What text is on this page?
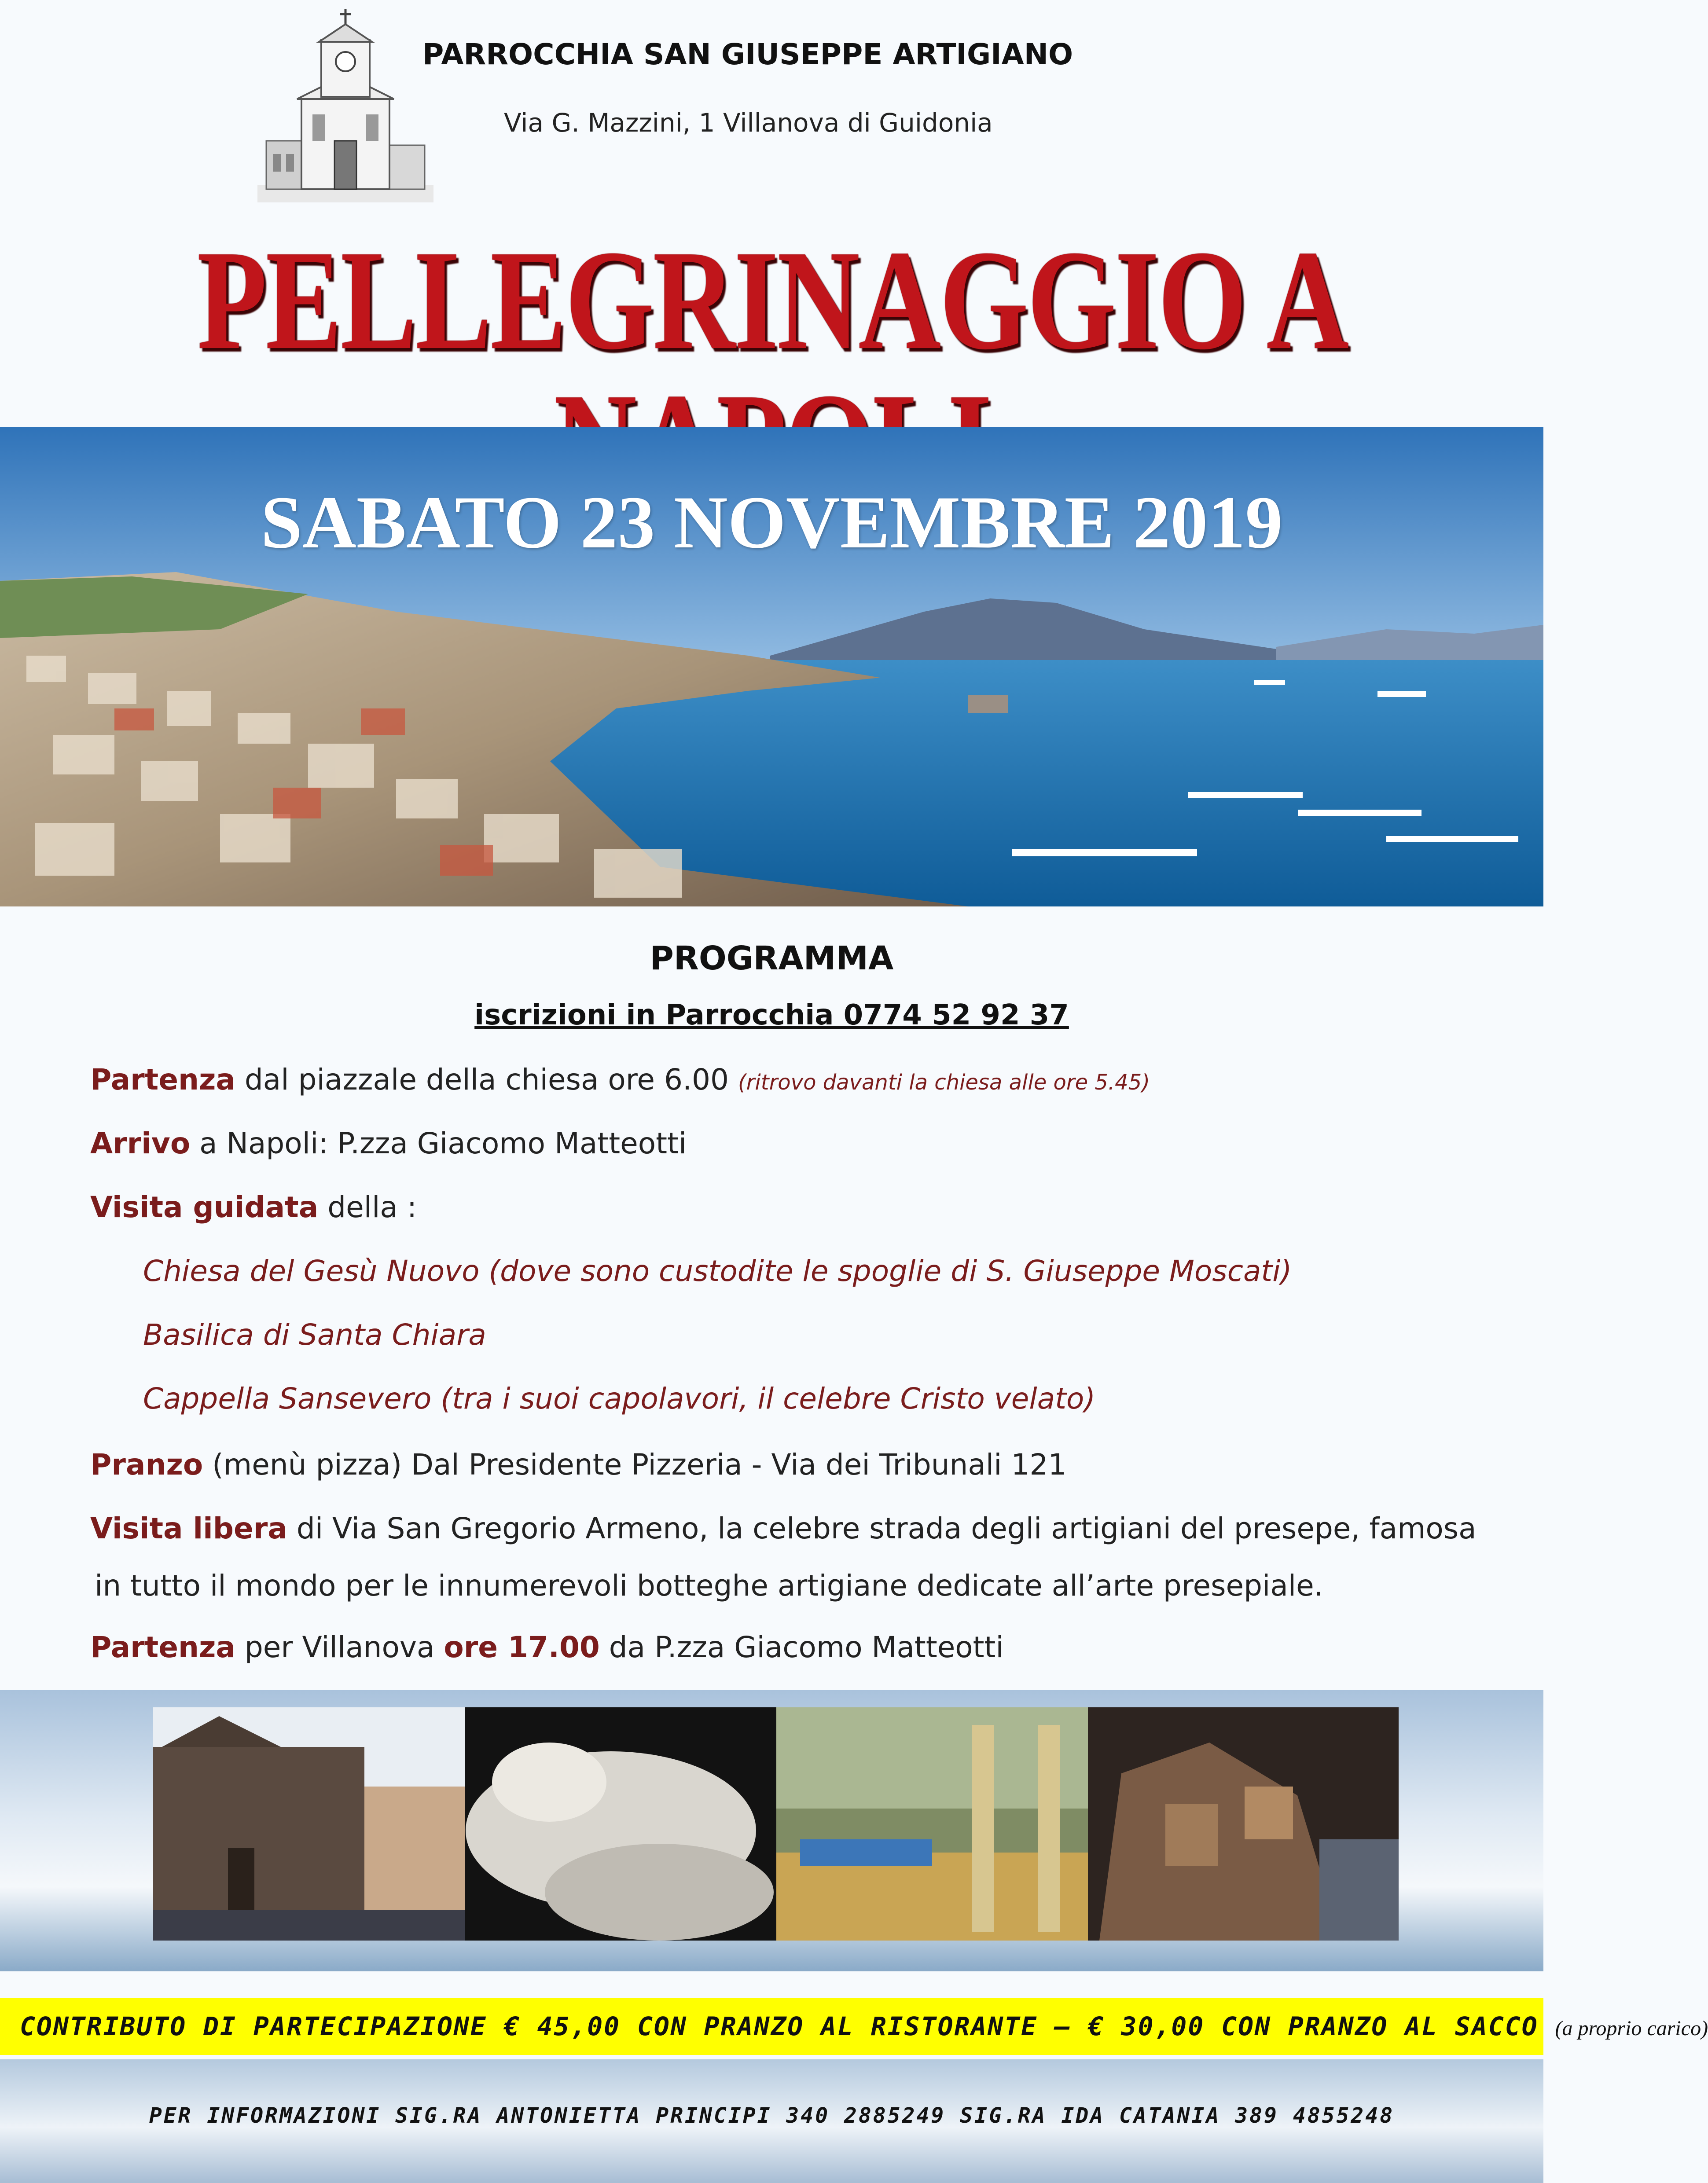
PARROCCHIA SAN GIUSEPPE ARTIGIANO
Via G. Mazzini, 1 Villanova di Guidonia
PELLEGRINAGGIO A
SABATO 23 NOVEMBRE 2019
PROGRAMMA
iscrizioni in Parrocchia 0774 52 92 37
Partenza dal piazzale della chiesa ore 6.00 (ritrovo davanti la chiesa alle ore 5.45)
Arrivo a Napoli: P.zza Giacomo Matteotti
Visita guidata della :
Chiesa del Gesù Nuovo (dove sono custodite le spoglie di S. Giuseppe Moscati)
Basilica di Santa Chiara
Cappella Sansevero (tra i suoi capolavori, il celebre Cristo velato)
Pranzo (menù pizza) Dal Presidente Pizzeria - Via dei Tribunali 121
Visita libera di Via San Gregorio Armeno, la celebre strada degli artigiani del presepe, famosa
in tutto il mondo per le innumerevoli botteghe artigiane dedicate all’arte presepiale.
Partenza per Villanova ore 17.00 da P.zza Giacomo Matteotti
CONTRIBUTO DI PARTECIPAZIONE € 45,00 CON PRANZO AL RISTORANTE – € 30,00 CON PRANZO AL SACCO (a proprio carico)
PER INFORMAZIONI SIG.RA ANTONIETTA PRINCIPI 340 2885249 SIG.RA IDA CATANIA 389 4855248
